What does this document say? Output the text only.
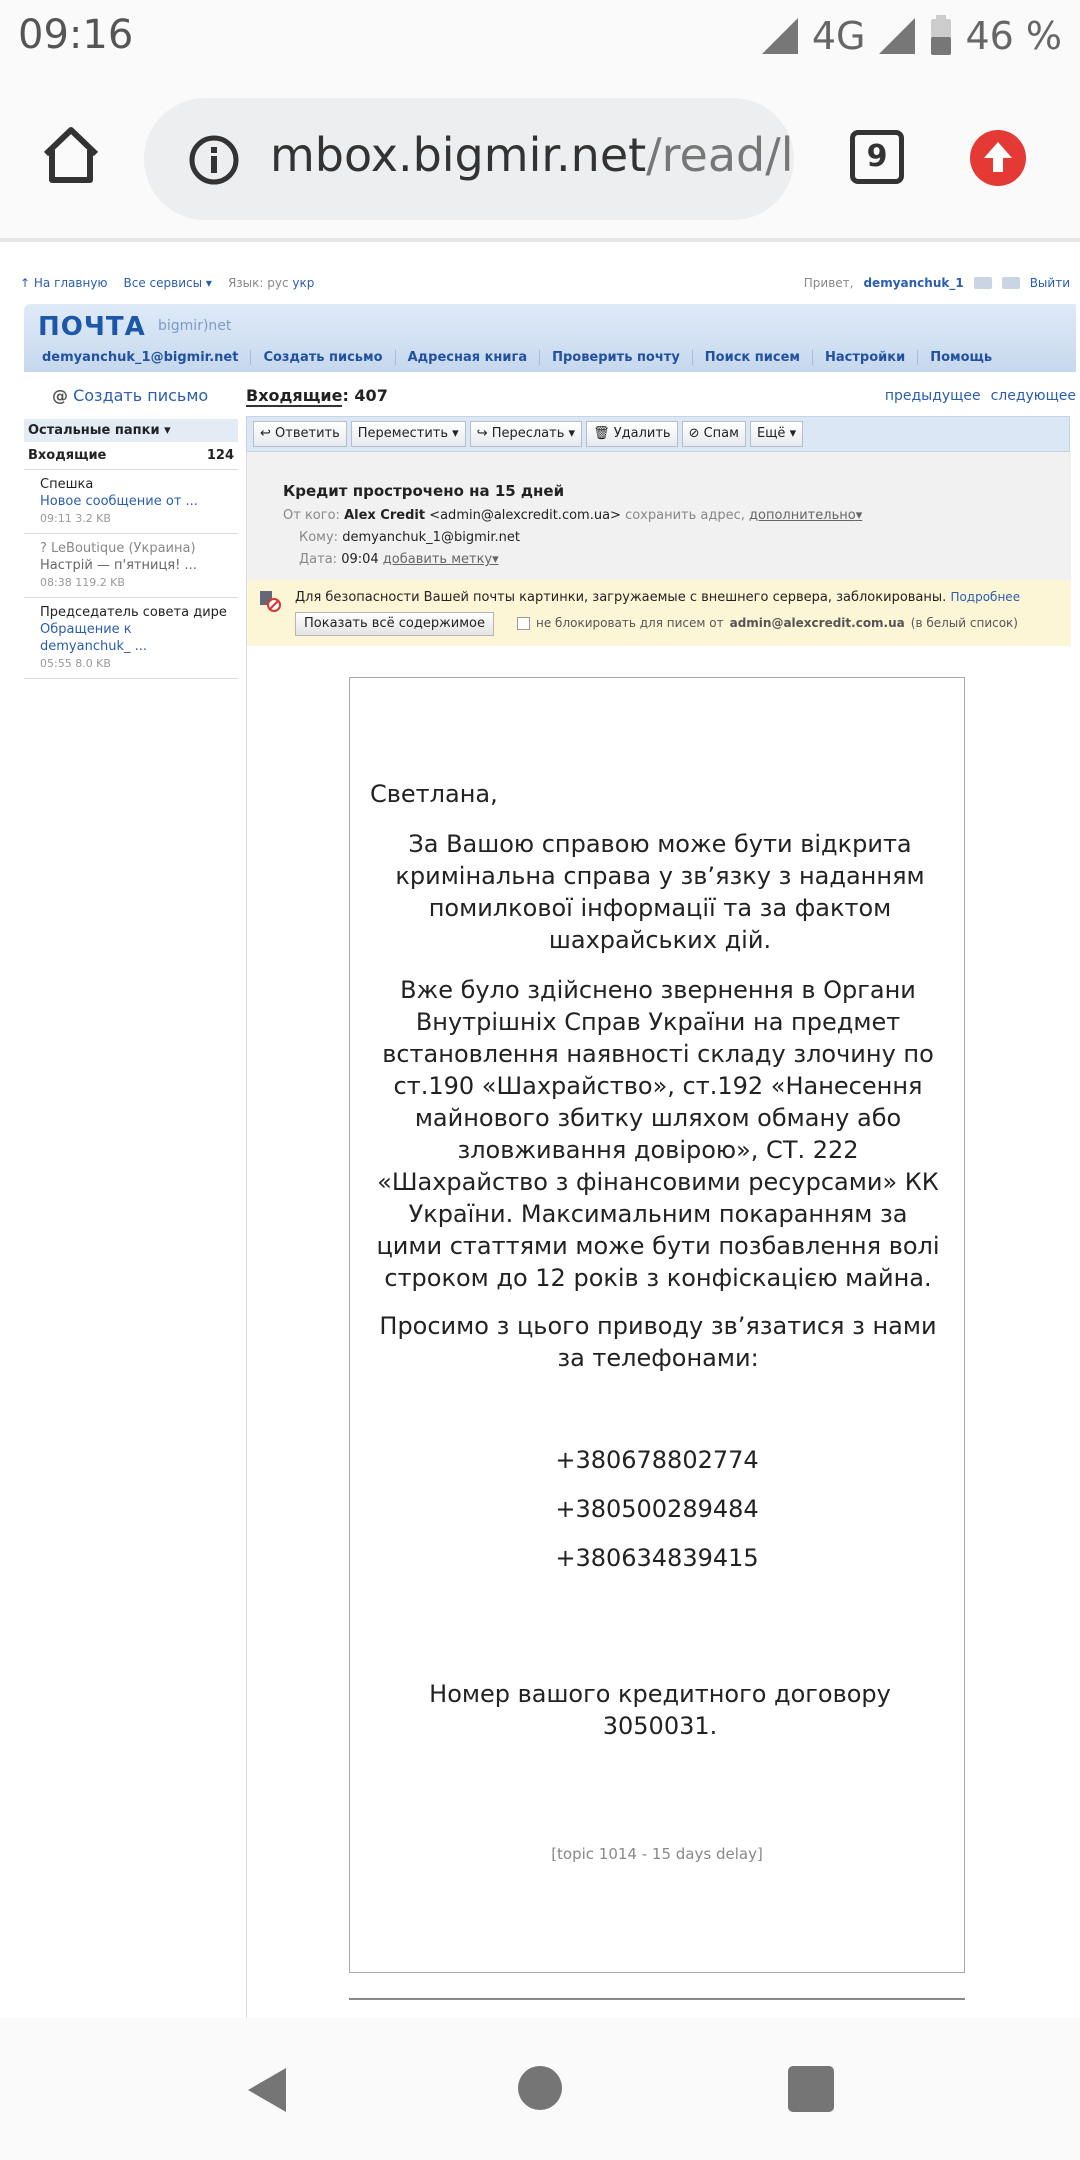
09:16	4G	46 %
mbox.bigmir.net/read/l	9
↑ На главную Все сервисы ▾ Язык: рус укр	Привет, demyanchuk_1	Выйти
ПОЧТА bigmir)net
demyanchuk_1@bigmir.net	Создать письмо	Адресная книга	Проверить почту	Поиск писем	Настройки	Помощь
@ Создать письмо
Остальные папки ▾
Входящие	124
Спешка
Новое сообщение от ...
09:11 3.2 KB
? LeBoutique (Украина)
Настрій — п'ятниця! ...
08:38 119.2 KB
Председатель совета дире
Обращение к
demyanchuk_ ...
05:55 8.0 KB
Входящие: 407	предыдущее следующее
↩ Ответить	Переместить ▾	↪ Переслать ▾	🗑 Удалить	⊘ Спам	Ещё ▾
Кредит прострочено на 15 дней
От кого: Alex Credit <admin@alexcredit.com.ua> сохранить адрес, дополнительно▾
Кому: demyanchuk_1@bigmir.net
Дата: 09:04 добавить метку▾
Для безопасности Вашей почты картинки, загружаемые с внешнего сервера, заблокированы. Подробнее
Показать всё содержимое	не блокировать для писем от admin@alexcredit.com.ua (в белый список)

Светлана,

За Вашою справою може бути відкрита кримінальна справа у зв’язку з наданням помилкової інформації та за фактом шахрайських дій.

Вже було здійснено звернення в Органи Внутрішніх Справ України на предмет встановлення наявності складу злочину по ст.190 «Шахрайство», ст.192 «Нанесення майнового збитку шляхом обману або зловживання довірою», СТ. 222 «Шахрайство з фінансовими ресурсами» КК України. Максимальним покаранням за цими статтями може бути позбавлення волі строком до 12 років з конфіскацією майна.

Просимо з цього приводу зв’язатися з нами за телефонами:

+380678802774

+380500289484

+380634839415

Номер вашого кредитного договору 3050031.

[topic 1014 - 15 days delay]
